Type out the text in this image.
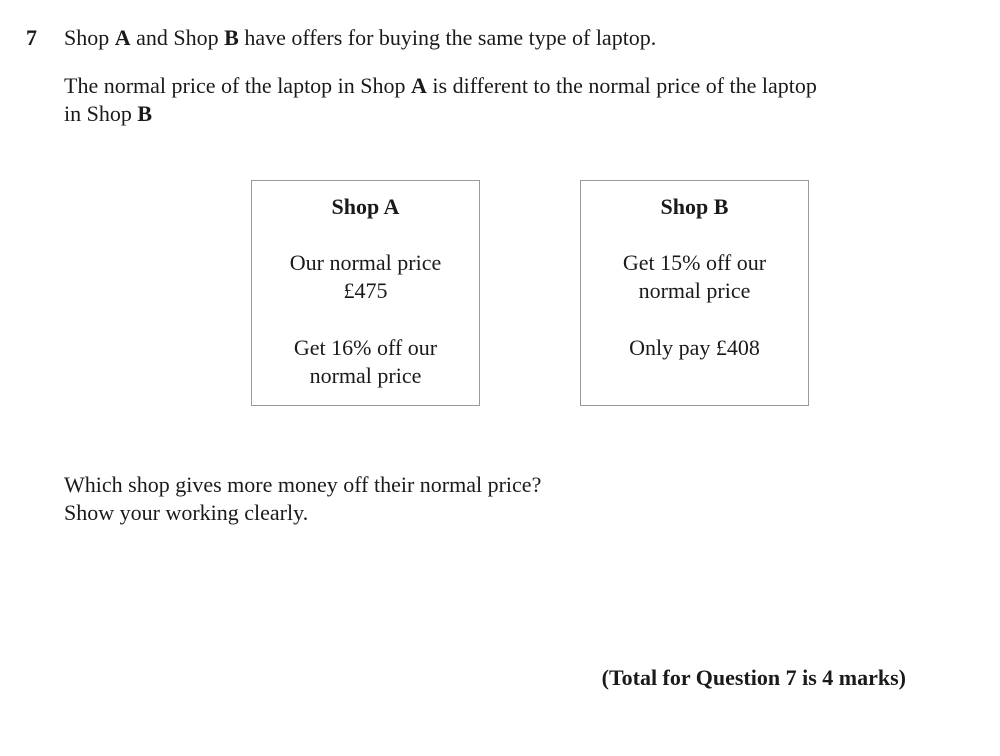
7 Shop A and Shop B have offers for buying the same type of laptop.
The normal price of the laptop in Shop A is different to the normal price of the laptop
in Shop B
Shop A
Our normal price
£475
Get 16% off our
normal price
Shop B
Get 15% off our
normal price
Only pay £408
Which shop gives more money off their normal price?
Show your working clearly.
(Total for Question 7 is 4 marks)
